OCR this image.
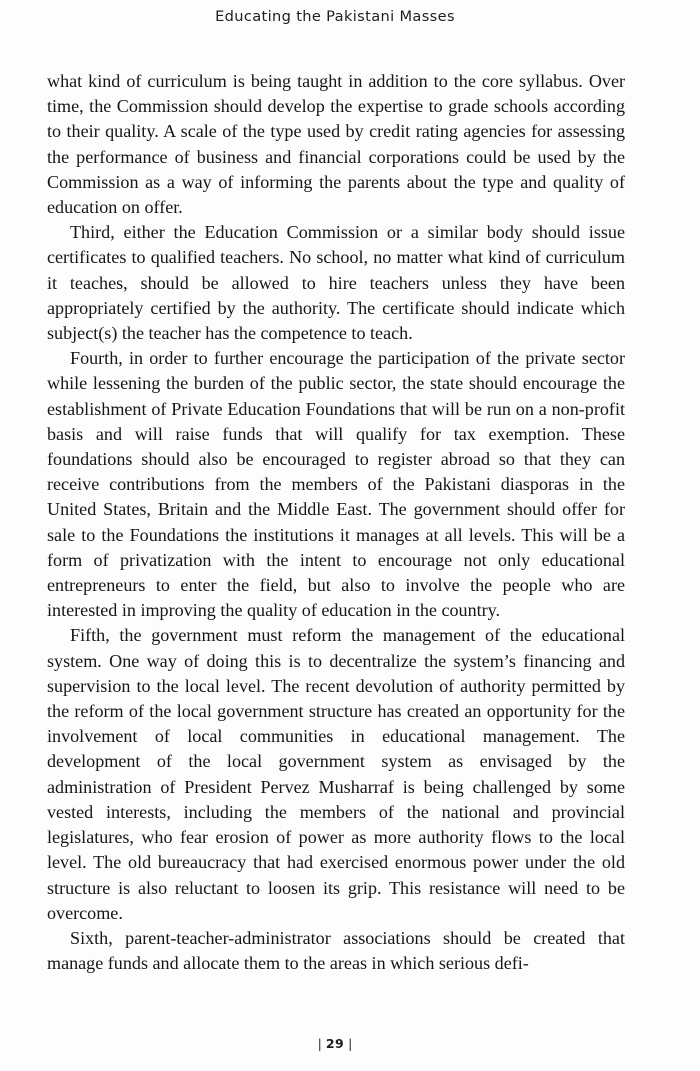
Educating the Pakistani Masses

what kind of curriculum is being taught in addition to the core syllabus. Over time, the Commission should develop the expertise to grade schools according to their quality. A scale of the type used by credit rating agencies for assessing the performance of business and financial corporations could be used by the Commission as a way of informing the parents about the type and quality of education on offer.

Third, either the Education Commission or a similar body should issue certificates to qualified teachers. No school, no matter what kind of curriculum it teaches, should be allowed to hire teachers unless they have been appropriately certified by the authority. The certificate should indicate which subject(s) the teacher has the competence to teach.

Fourth, in order to further encourage the participation of the private sector while lessening the burden of the public sector, the state should encourage the establishment of Private Education Foundations that will be run on a non-profit basis and will raise funds that will qualify for tax exemption. These foundations should also be encouraged to register abroad so that they can receive contributions from the members of the Pakistani diasporas in the United States, Britain and the Middle East. The government should offer for sale to the Foundations the institutions it manages at all levels. This will be a form of privatization with the intent to encourage not only educational entrepreneurs to enter the field, but also to involve the people who are interested in improving the quality of education in the country.

Fifth, the government must reform the management of the educational system. One way of doing this is to decentralize the system’s financing and supervision to the local level. The recent devolution of authority permitted by the reform of the local government structure has created an opportunity for the involvement of local communities in educational management. The development of the local government system as envisaged by the administration of President Pervez Musharraf is being challenged by some vested interests, including the members of the national and provincial legislatures, who fear erosion of power as more authority flows to the local level. The old bureaucracy that had exercised enormous power under the old structure is also reluctant to loosen its grip. This resistance will need to be overcome.

Sixth, parent-teacher-administrator associations should be created that manage funds and allocate them to the areas in which serious defi-

| 29 |
